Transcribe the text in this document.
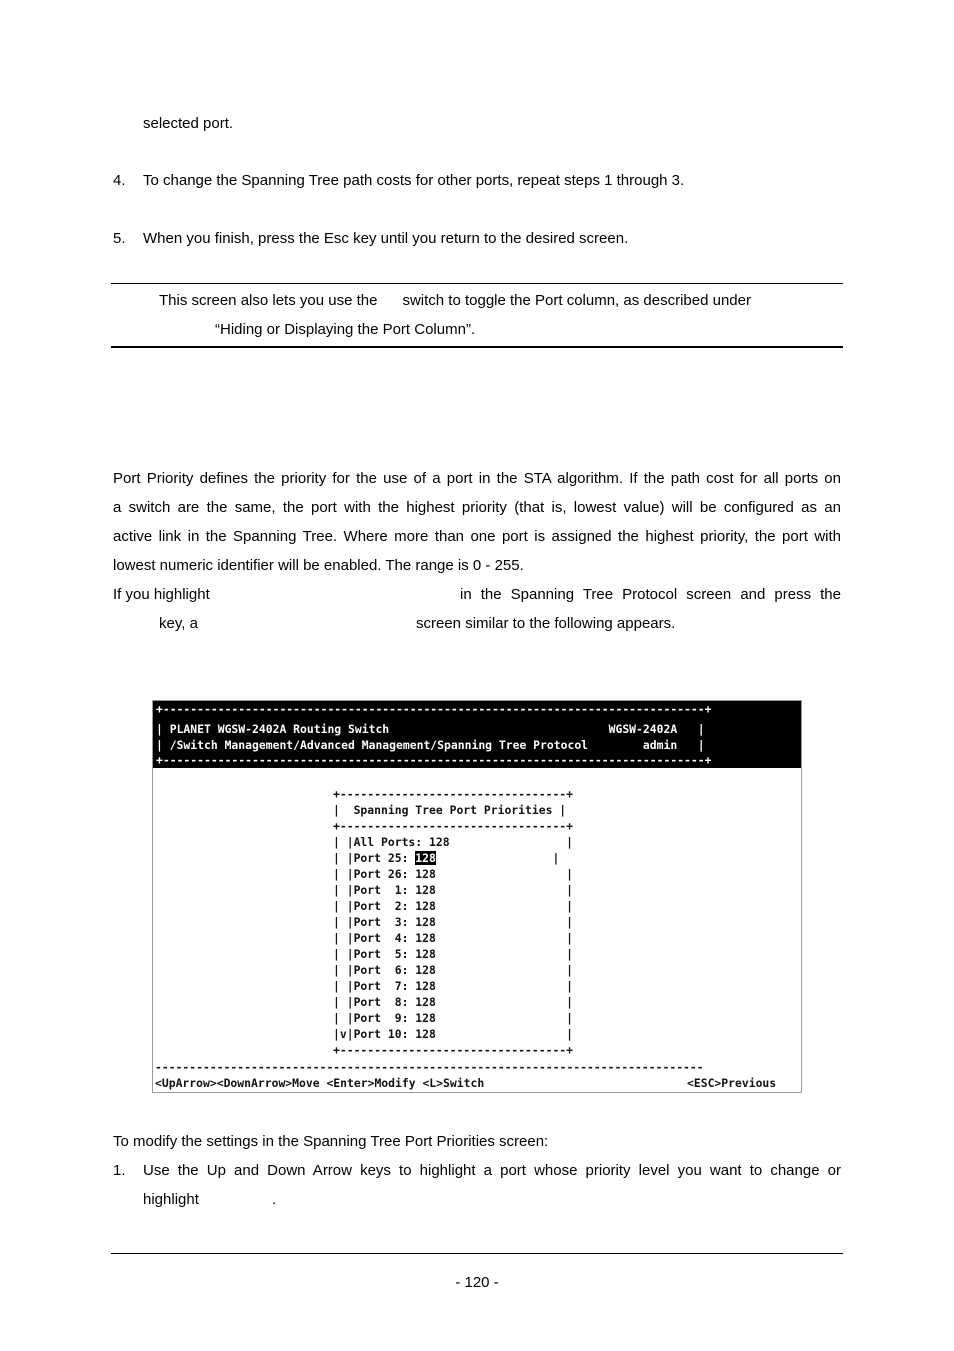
selected port.
4. To change the Spanning Tree path costs for other ports, repeat steps 1 through 3.
5. When you finish, press the Esc key until you return to the desired screen.
This screen also lets you use the      switch to toggle the Port column, as described under
“Hiding or Displaying the Port Column”.
Port Priority defines the priority for the use of a port in the STA algorithm. If the path cost for all ports on
a switch are the same, the port with the highest priority (that is, lowest value) will be configured as an
active link in the Spanning Tree. Where more than one port is assigned the highest priority, the port with
lowest numeric identifier will be enabled. The range is 0 - 255.
If you highlight	in the Spanning Tree Protocol screen and press the
key, a	screen similar to the following appears.
+-------------------------------------------------------------------------------+
| PLANET WGSW-2402A Routing Switch                                WGSW-2402A   |
| /Switch Management/Advanced Management/Spanning Tree Protocol        admin   |
+-------------------------------------------------------------------------------+
+---------------------------------+
|  Spanning Tree Port Priorities |
+---------------------------------+
| |All Ports: 128                 |
| |Port 25: 128                 |
| |Port 26: 128                   |
| |Port  1: 128                   |
| |Port  2: 128                   |
| |Port  3: 128                   |
| |Port  4: 128                   |
| |Port  5: 128                   |
| |Port  6: 128                   |
| |Port  7: 128                   |
| |Port  8: 128                   |
| |Port  9: 128                   |
|v|Port 10: 128                   |
+---------------------------------+
--------------------------------------------------------------------------------
<UpArrow><DownArrow>Move <Enter>Modify <L>Switch	<ESC>Previous
To modify the settings in the Spanning Tree Port Priorities screen:
1. Use the Up and Down Arrow keys to highlight a port whose priority level you want to change or
highlight	.
- 120 -
